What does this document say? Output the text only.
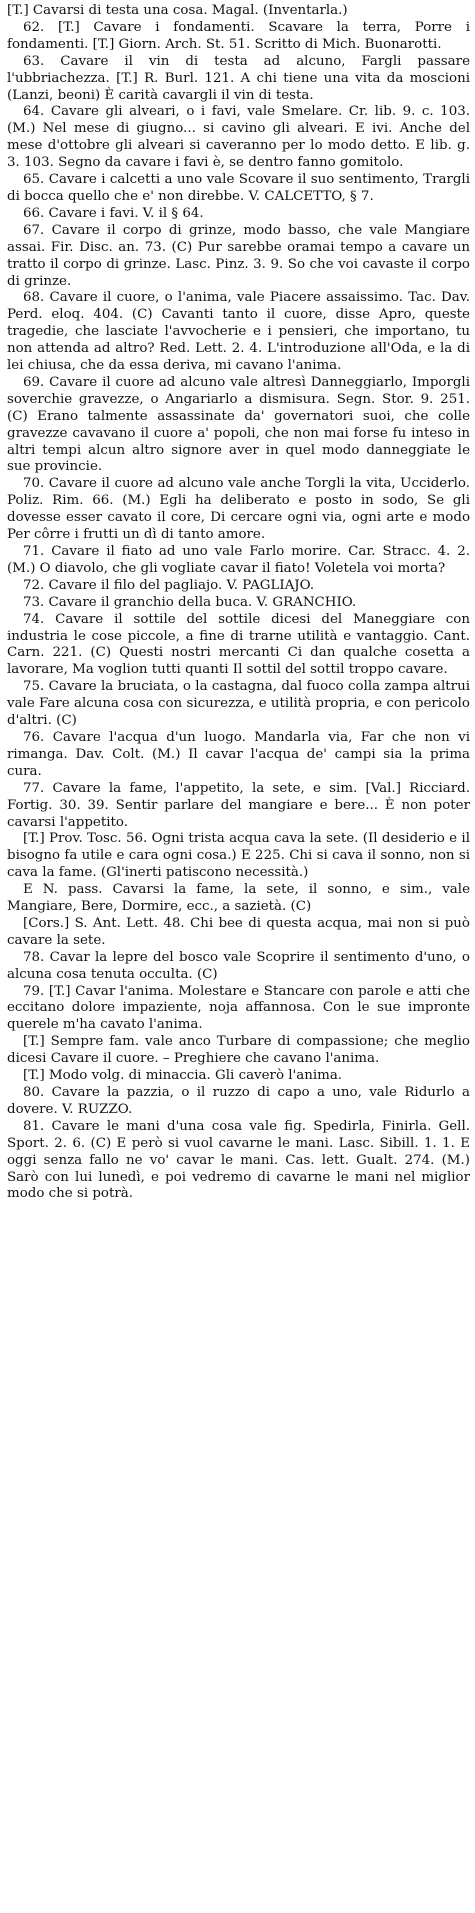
[T.] Cavarsi di testa una cosa. Magal. (Inventarla.)

62. [T.] Cavare i fondamenti. Scavare la terra, Porre i fondamenti. [T.] Giorn. Arch. St. 51. Scritto di Mich. Buonarotti.

63. Cavare il vin di testa ad alcuno, Fargli passare l'ubbriachezza. [T.] R. Burl. 121. A chi tiene una vita da moscioni (Lanzi, beoni) È carità cavargli il vin di testa.

64. Cavare gli alveari, o i favi, vale Smelare. Cr. lib. 9. c. 103. (M.) Nel mese di giugno... si cavino gli alveari. E ivi. Anche del mese d'ottobre gli alveari si caveranno per lo modo detto. E lib. g. 3. 103. Segno da cavare i favi è, se dentro fanno gomitolo.

65. Cavare i calcetti a uno vale Scovare il suo sentimento, Trargli di bocca quello che e' non direbbe. V. CALCETTO, § 7.

66. Cavare i favi. V. il § 64.

67. Cavare il corpo di grinze, modo basso, che vale Mangiare assai. Fir. Disc. an. 73. (C) Pur sarebbe oramai tempo a cavare un tratto il corpo di grinze. Lasc. Pinz. 3. 9. So che voi cavaste il corpo di grinze.

68. Cavare il cuore, o l'anima, vale Piacere assaissimo. Tac. Dav. Perd. eloq. 404. (C) Cavanti tanto il cuore, disse Apro, queste tragedie, che lasciate l'avvocherie e i pensieri, che importano, tu non attenda ad altro? Red. Lett. 2. 4. L'introduzione all'Oda, e la di lei chiusa, che da essa deriva, mi cavano l'anima.

69. Cavare il cuore ad alcuno vale altresì Danneggiarlo, Imporgli soverchie gravezze, o Angariarlo a dismisura. Segn. Stor. 9. 251. (C) Erano talmente assassinate da' governatori suoi, che colle gravezze cavavano il cuore a' popoli, che non mai forse fu inteso in altri tempi alcun altro signore aver in quel modo danneggiate le sue provincie.

70. Cavare il cuore ad alcuno vale anche Torgli la vita, Ucciderlo. Poliz. Rim. 66. (M.) Egli ha deliberato e posto in sodo, Se gli dovesse esser cavato il core, Di cercare ogni via, ogni arte e modo Per côrre i frutti un dì di tanto amore.

71. Cavare il fiato ad uno vale Farlo morire. Car. Stracc. 4. 2. (M.) O diavolo, che gli vogliate cavar il fiato! Voletela voi morta?

72. Cavare il filo del pagliajo. V. PAGLIAJO.

73. Cavare il granchio della buca. V. GRANCHIO.

74. Cavare il sottile del sottile dicesi del Maneggiare con industria le cose piccole, a fine di trarne utilità e vantaggio. Cant. Carn. 221. (C) Questi nostri mercanti Ci dan qualche cosetta a lavorare, Ma voglion tutti quanti Il sottil del sottil troppo cavare.

75. Cavare la bruciata, o la castagna, dal fuoco colla zampa altrui vale Fare alcuna cosa con sicurezza, e utilità propria, e con pericolo d'altri. (C)

76. Cavare l'acqua d'un luogo. Mandarla via, Far che non vi rimanga. Dav. Colt. (M.) Il cavar l'acqua de' campi sia la prima cura.

77. Cavare la fame, l'appetito, la sete, e sim. [Val.] Ricciard. Fortig. 30. 39. Sentir parlare del mangiare e bere... È non poter cavarsi l'appetito.

[T.] Prov. Tosc. 56. Ogni trista acqua cava la sete. (Il desiderio e il bisogno fa utile e cara ogni cosa.) E 225. Chi si cava il sonno, non si cava la fame. (Gl'inerti patiscono necessità.)

E N. pass. Cavarsi la fame, la sete, il sonno, e sim., vale Mangiare, Bere, Dormire, ecc., a sazietà. (C)

[Cors.] S. Ant. Lett. 48. Chi bee di questa acqua, mai non si può cavare la sete.

78. Cavar la lepre del bosco vale Scoprire il sentimento d'uno, o alcuna cosa tenuta occulta. (C)

79. [T.] Cavar l'anima. Molestare e Stancare con parole e atti che eccitano dolore impaziente, noja affannosa. Con le sue improntе querele m'ha cavato l'anima.

[T.] Sempre fam. vale anco Turbare di compassione; che meglio dicesi Cavare il cuore. – Preghiere che cavano l'anima.

[T.] Modo volg. di minaccia. Gli caverò l'anima.

80. Cavare la pazzia, o il ruzzo di capo a uno, vale Ridurlo a dovere. V. RUZZO.

81. Cavare le mani d'una cosa vale fig. Spedirla, Finirla. Gell. Sport. 2. 6. (C) E però si vuol cavarne le mani. Lasc. Sibill. 1. 1. E oggi senza fallo ne vo' cavar le mani. Cas. lett. Gualt. 274. (M.) Sarò con lui lunedì, e poi vedremo di cavarne le mani nel miglior modo che si potrà.
